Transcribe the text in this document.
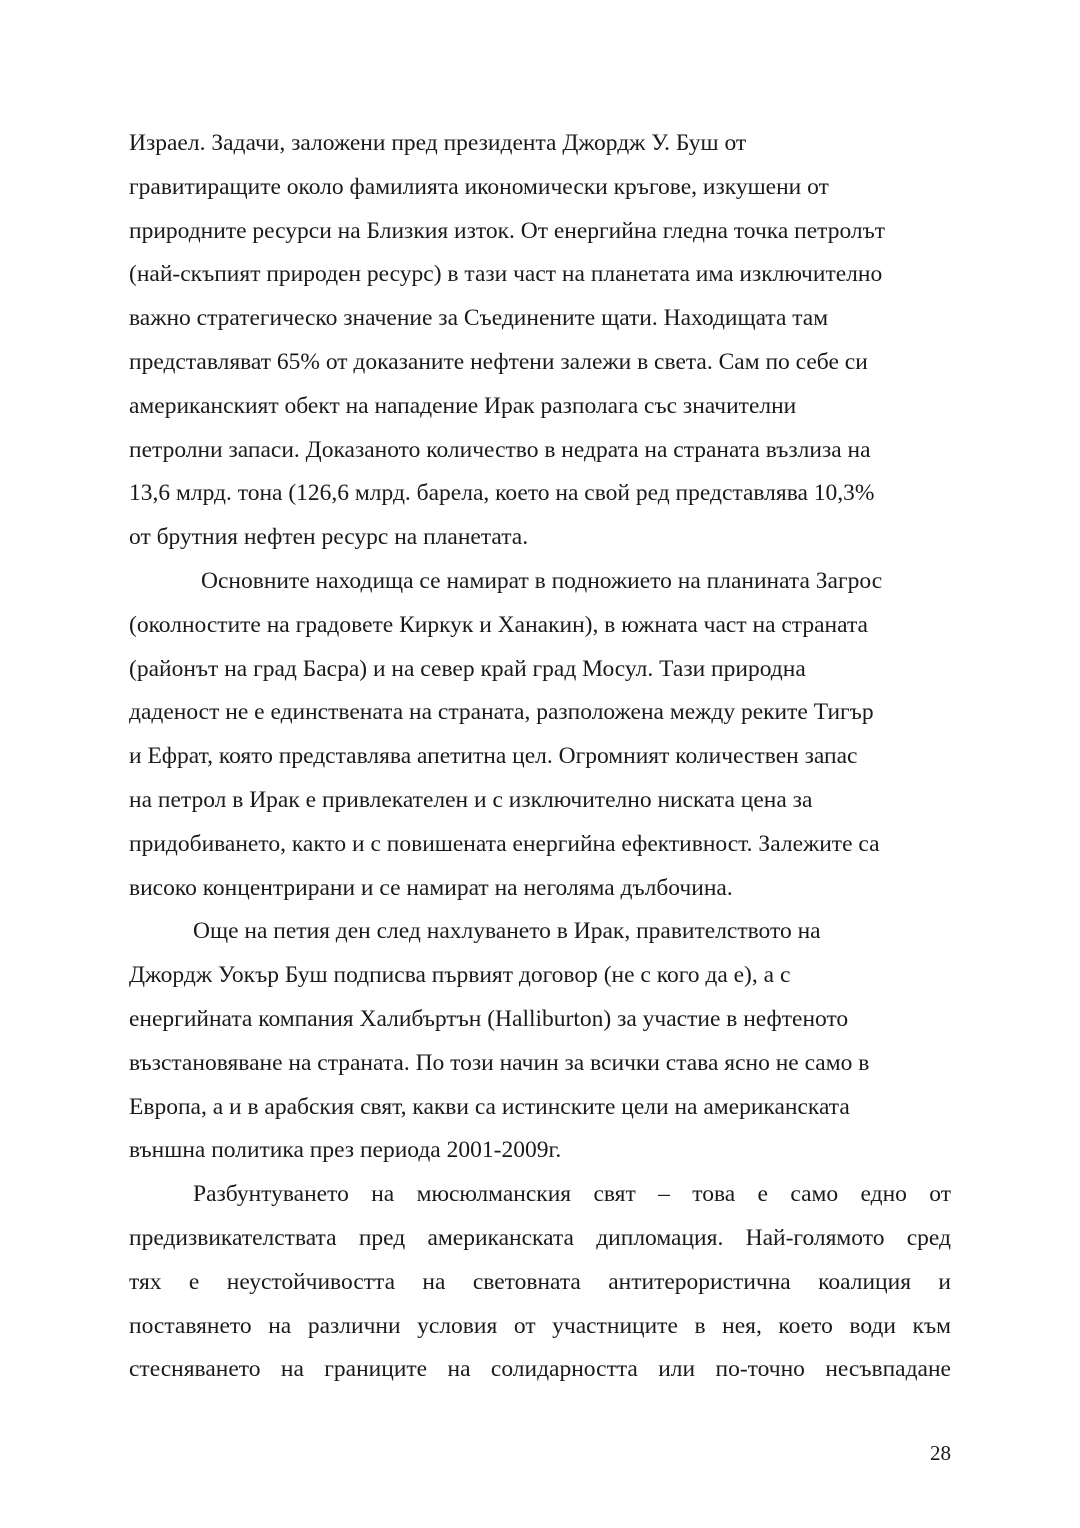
Израел. Задачи, заложени пред президента Джордж У. Буш от
гравитиращите около фамилията икономически кръгове, изкушени от
природните ресурси на Близкия изток. От енергийна гледна точка петролът
(най-скъпият природен ресурс) в тази част на планетата има изключително
важно стратегическо значение за Съединените щати. Находищата там
представляват 65% от доказаните нефтени залежи в света. Сам по себе си
американският обект на нападение Ирак разполага със значителни
петролни запаси. Доказаното количество в недрата на страната възлиза на
13,6 млрд. тона (126,6 млрд. барела, което на свой ред представлява 10,3%
от брутния нефтен ресурс на планетата.

Основните находища се намират в подножието на планината Загрос
(околностите на градовете Киркук и Ханакин), в южната част на страната
(районът на град Басра) и на север край град Мосул. Тази природна
даденост не е единствената на страната, разположена между реките Тигър
и Ефрат, която представлява апетитна цел. Огромният количествен запас
на петрол в Ирак е привлекателен и с изключително ниската цена за
придобиването, както и с повишената енергийна ефективност. Залежите са
високо концентрирани и се намират на неголяма дълбочина.

Още на петия ден след нахлуването в Ирак, правителството на
Джордж Уокър Буш подписва първият договор (не с кого да е), а с
енергийната компания Халибъртън (Halliburton) за участие в нефтеното
възстановяване на страната. По този начин за всички става ясно не само в
Европа, а и в арабския свят, какви са истинските цели на американската
външна политика през периода 2001-2009г.

Разбунтуването на мюсюлманския свят – това е само едно от
предизвикателствата пред американската дипломация. Най-голямото сред
тях е неустойчивостта на световната антитерористична коалиция и
поставянето на различни условия от участниците в нея, което води към
стесняването на границите на солидарността или по-точно несъвпадане

28
